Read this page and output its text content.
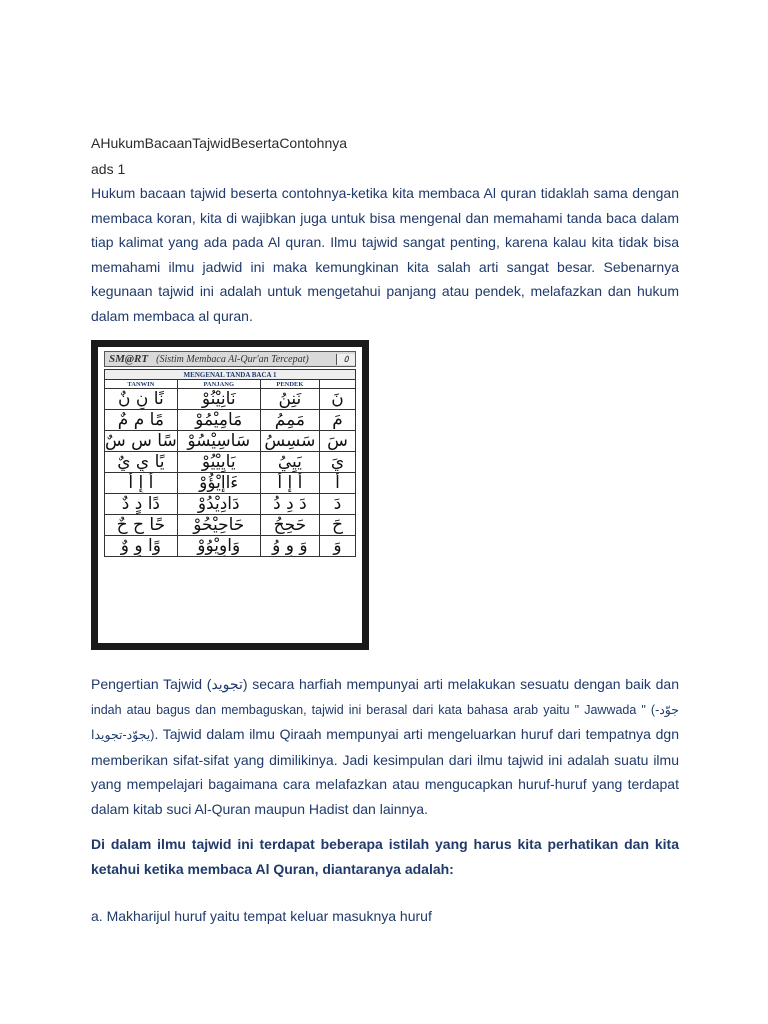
AHukumBacaanTajwidBesertaContohnya
ads 1
Hukum bacaan tajwid beserta contohnya-ketika kita membaca Al quran tidaklah sama dengan membaca koran, kita di wajibkan juga untuk bisa mengenal dan memahami tanda baca dalam tiap kalimat yang ada pada Al quran. Ilmu tajwid sangat penting, karena kalau kita tidak bisa memahami ilmu jadwid ini maka kemungkinan kita salah arti sangat besar. Sebenarnya kegunaan tajwid ini adalah untuk mengetahui panjang atau pendek, melafazkan dan hukum dalam membaca al quran.
SM@RT (Sistim Membaca Al-Qur'an Tercepat)	٥
MENGENAL TANDA BACA 1			
TANWIN	PANJANG	PENDEK	
نًا نٍ نٌ	نَانِيْنُوْ	نَنِنُ	نَ
مًا مٍ مٌ	مَامِيْمُوْ	مَمِمُ	مَ
سًا سٍ سٌ	سَاسِيْسُوْ	سَسِسُ	سَ
يًا يٍ يٌ	يَايِيْيُوْ	يَيِيُ	يَ
أً إٍ أٌ	ءَاإِيْؤُوْ	أَ إِ أُ	أَ
دًا دٍ دٌ	دَادِيْدُوْ	دَ دِ دُ	دَ
حًا حٍ حٌ	حَاحِيْحُوْ	حَحِحُ	حَ
وًا وٍ وٌ	وَاوِيْوُوْ	وَ وِ وُ	وَ
Pengertian Tajwid (تجويد) secara harfiah mempunyai arti melakukan sesuatu dengan baik dan indah atau bagus dan membaguskan, tajwid ini berasal dari kata bahasa arab yaitu " Jawwada " (جوّد-يجوّد-تجويدا). Tajwid dalam ilmu Qiraah mempunyai arti mengeluarkan huruf dari tempatnya dgn memberikan sifat-sifat yang dimilikinya. Jadi kesimpulan dari ilmu tajwid ini adalah suatu ilmu yang mempelajari bagaimana cara melafazkan atau mengucapkan huruf-huruf yang terdapat dalam kitab suci Al-Quran maupun Hadist dan lainnya.
Di dalam ilmu tajwid ini terdapat beberapa istilah yang harus kita perhatikan dan kita ketahui ketika membaca Al Quran, diantaranya adalah:
a. Makharijul huruf yaitu tempat keluar masuknya huruf
